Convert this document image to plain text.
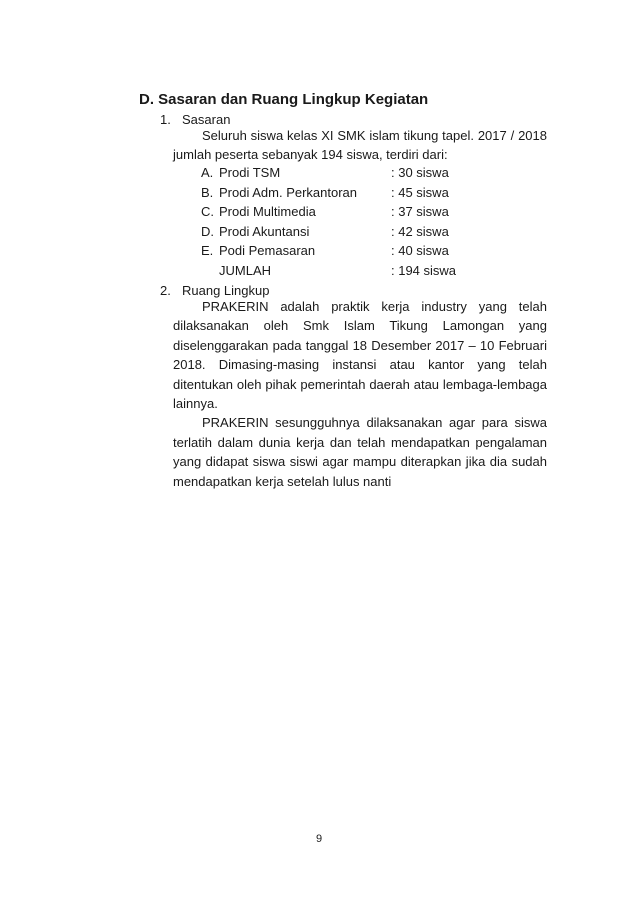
D. Sasaran dan Ruang Lingkup Kegiatan
1. Sasaran

Seluruh siswa kelas XI SMK islam tikung tapel. 2017 / 2018 jumlah peserta sebanyak 194 siswa, terdiri dari:

A. Prodi TSM	: 30 siswa
B. Prodi Adm. Perkantoran	: 45 siswa
C. Prodi Multimedia	: 37 siswa
D. Prodi Akuntansi	: 42 siswa
E. Podi Pemasaran	: 40 siswa
JUMLAH	: 194 siswa
2. Ruang Lingkup

PRAKERIN adalah praktik kerja industry yang telah dilaksanakan oleh Smk Islam Tikung Lamongan yang diselenggarakan pada tanggal 18 Desember 2017 – 10 Februari 2018. Dimasing-masing instansi atau kantor yang telah ditentukan oleh pihak pemerintah daerah atau lembaga-lembaga lainnya.

PRAKERIN sesungguhnya dilaksanakan agar para siswa terlatih dalam dunia kerja dan telah mendapatkan pengalaman yang didapat siswa siswi agar mampu diterapkan jika dia sudah mendapatkan kerja setelah lulus nanti

9
